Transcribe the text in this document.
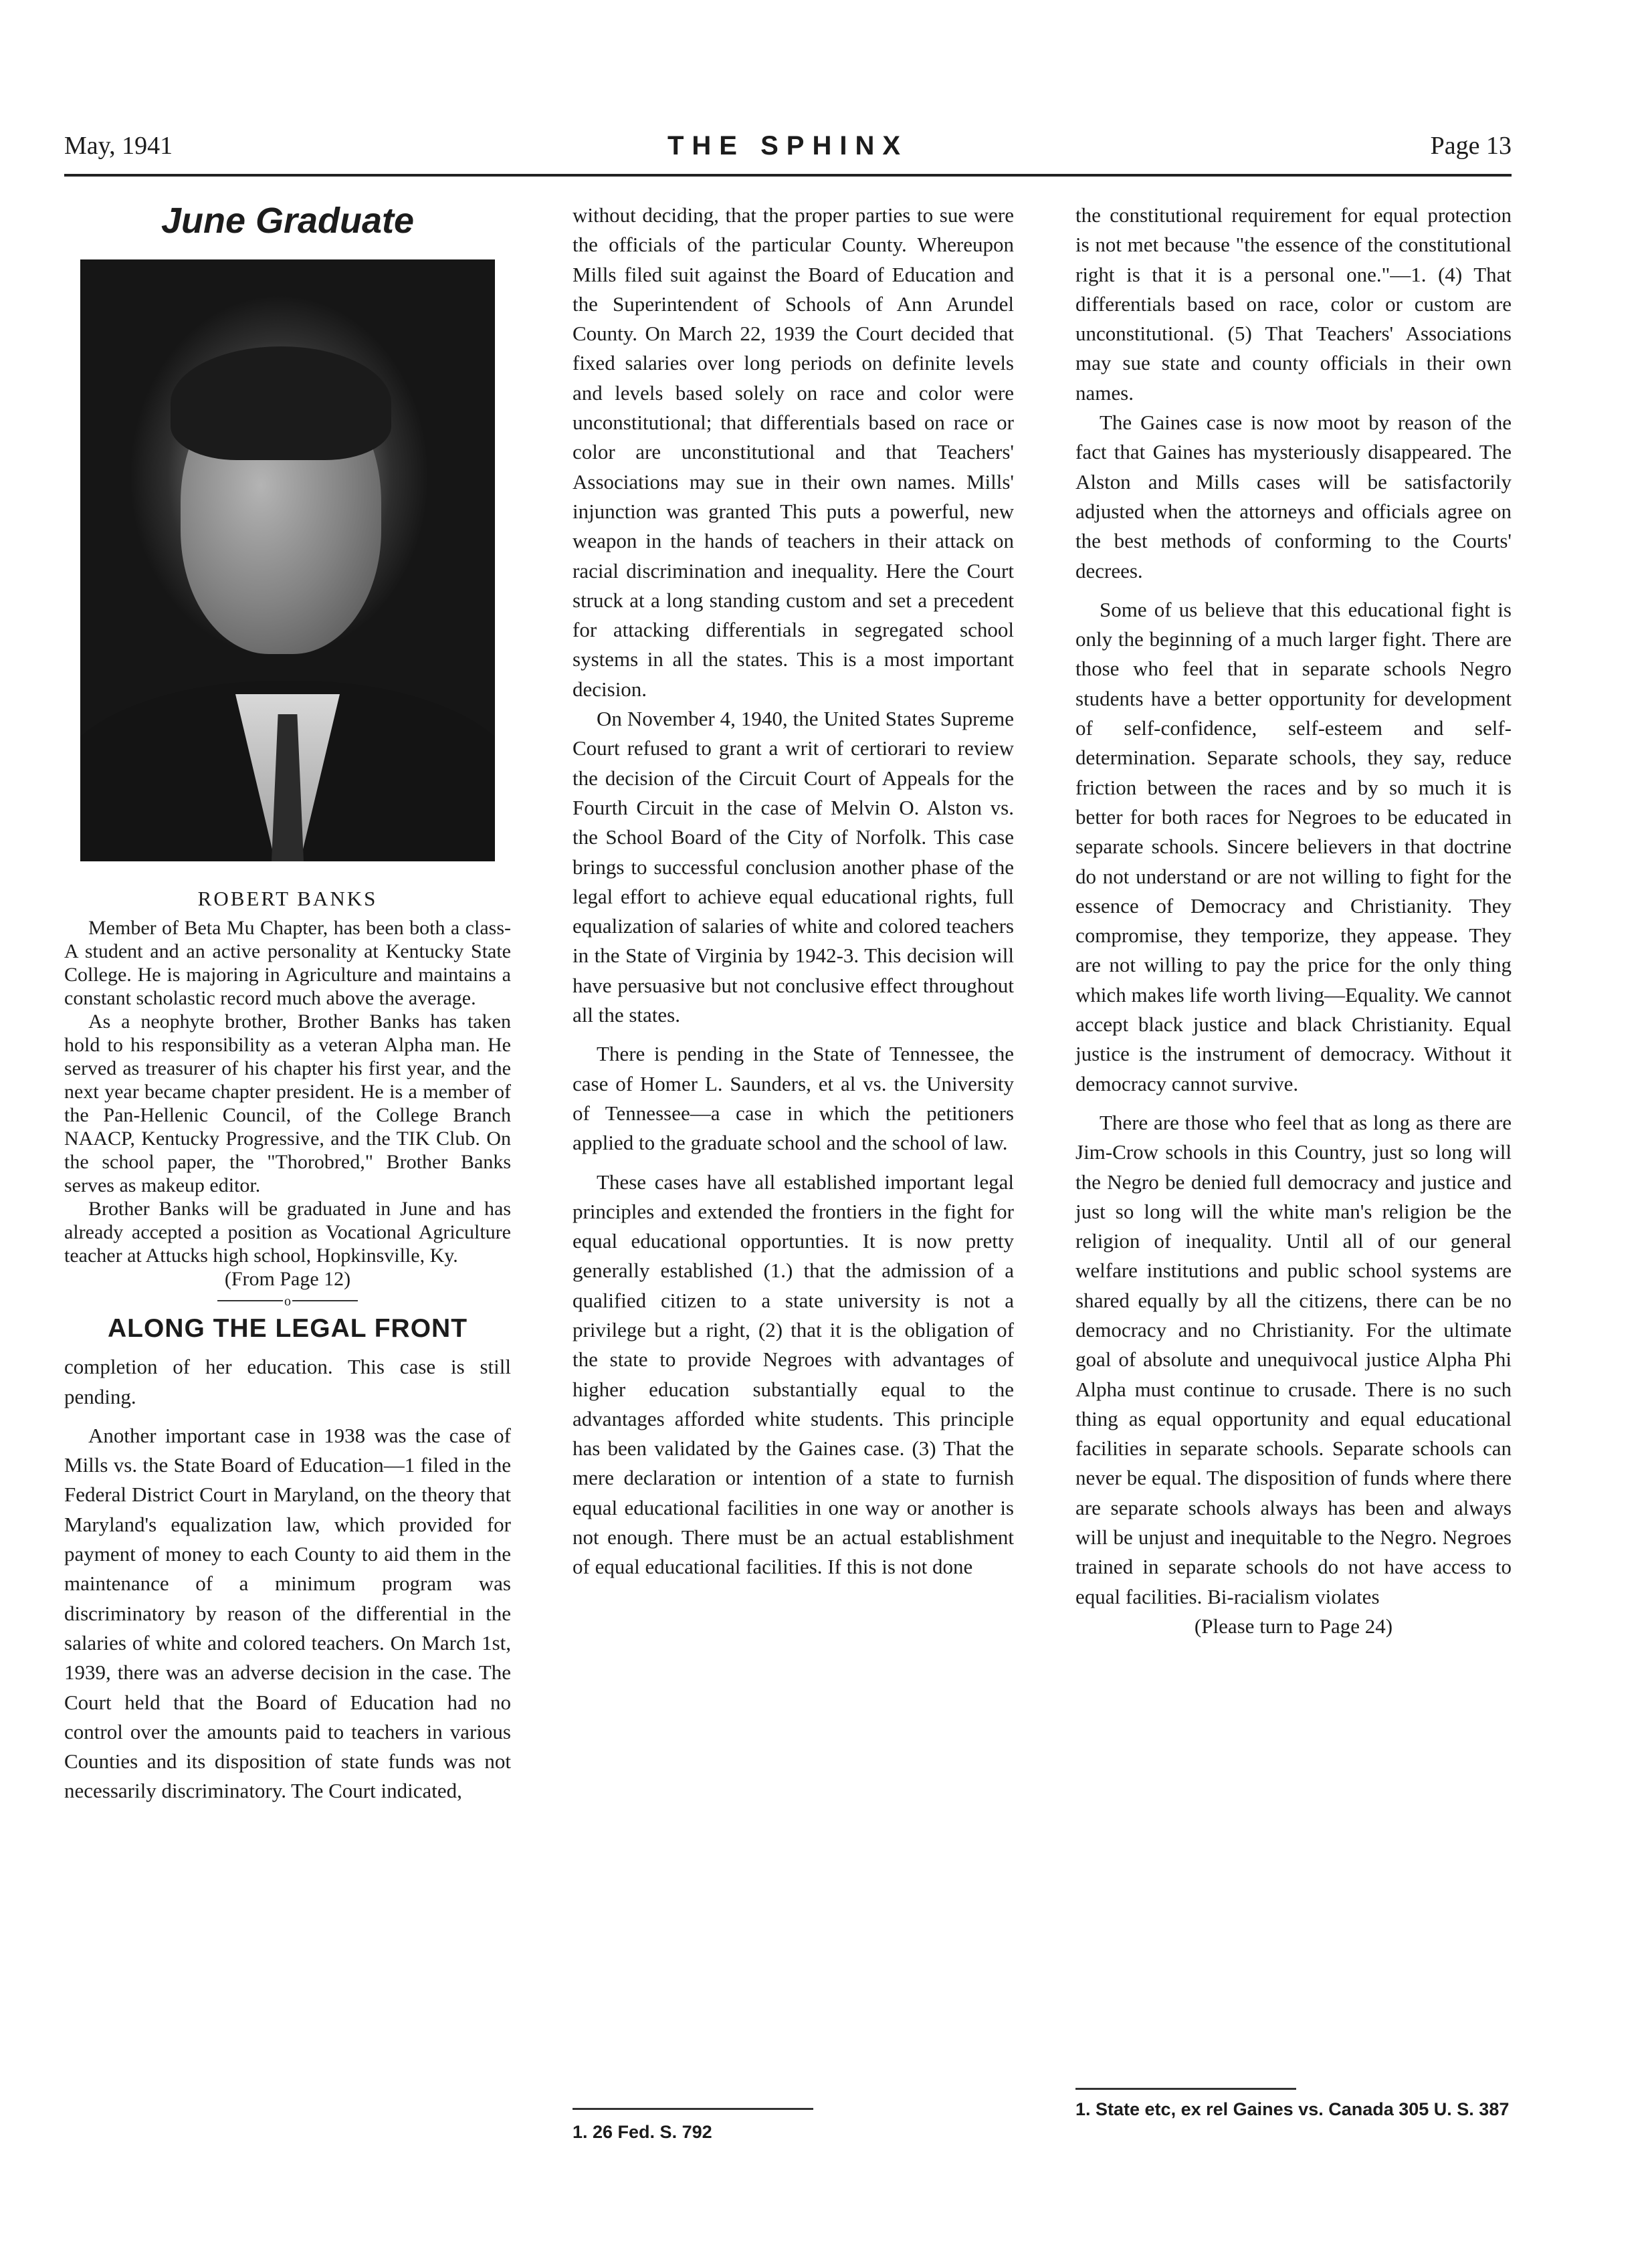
May, 1941	THE SPHINX	Page 13
June Graduate
ROBERT BANKS

Member of Beta Mu Chapter, has been both a class-A student and an active personality at Kentucky State College. He is majoring in Agriculture and maintains a constant scholastic record much above the average.

As a neophyte brother, Brother Banks has taken hold to his responsibility as a veteran Alpha man. He served as treasurer of his chapter his first year, and the next year became chapter president. He is a member of the Pan-Hellenic Council, of the College Branch NAACP, Kentucky Progressive, and the TIK Club. On the school paper, the "Thorobred," Brother Banks serves as makeup editor.

Brother Banks will be graduated in June and has already accepted a position as Vocational Agriculture teacher at Attucks high school, Hopkinsville, Ky.

(From Page 12)

o
ALONG THE LEGAL FRONT

completion of her education. This case is still pending.

Another important case in 1938 was the case of Mills vs. the State Board of Education—1 filed in the Federal District Court in Maryland, on the theory that Maryland's equalization law, which provided for payment of money to each County to aid them in the maintenance of a minimum program was discriminatory by reason of the differential in the salaries of white and colored teachers. On March 1st, 1939, there was an adverse decision in the case. The Court held that the Board of Education had no control over the amounts paid to teachers in various Counties and its disposition of state funds was not necessarily discriminatory. The Court indicated,

without deciding, that the proper parties to sue were the officials of the particular County. Whereupon Mills filed suit against the Board of Education and the Superintendent of Schools of Ann Arundel County. On March 22, 1939 the Court decided that fixed salaries over long periods on definite levels and levels based solely on race and color were unconstitutional; that differentials based on race or color are unconstitutional and that Teachers' Associations may sue in their own names. Mills' injunction was granted This puts a powerful, new weapon in the hands of teachers in their attack on racial discrimination and inequality. Here the Court struck at a long standing custom and set a precedent for attacking differentials in segregated school systems in all the states. This is a most important decision.

On November 4, 1940, the United States Supreme Court refused to grant a writ of certiorari to review the decision of the Circuit Court of Appeals for the Fourth Circuit in the case of Melvin O. Alston vs. the School Board of the City of Norfolk. This case brings to successful conclusion another phase of the legal effort to achieve equal educational rights, full equalization of salaries of white and colored teachers in the State of Virginia by 1942-3. This decision will have persuasive but not conclusive effect throughout all the states.

There is pending in the State of Tennessee, the case of Homer L. Saunders, et al vs. the University of Tennessee—a case in which the petitioners applied to the graduate school and the school of law.

These cases have all established important legal principles and extended the frontiers in the fight for equal educational opportunties. It is now pretty generally established (1.) that the admission of a qualified citizen to a state university is not a privilege but a right, (2) that it is the obligation of the state to provide Negroes with advantages of higher education substantially equal to the advantages afforded white students. This principle has been validated by the Gaines case. (3) That the mere declaration or intention of a state to furnish equal educational facilities in one way or another is not enough. There must be an actual establishment of equal educational facilities. If this is not done

the constitutional requirement for equal protection is not met because "the essence of the constitutional right is that it is a personal one."—1. (4) That differentials based on race, color or custom are unconstitutional. (5) That Teachers' Associations may sue state and county officials in their own names.

The Gaines case is now moot by reason of the fact that Gaines has mysteriously disappeared. The Alston and Mills cases will be satisfactorily adjusted when the attorneys and officials agree on the best methods of conforming to the Courts' decrees.

Some of us believe that this educational fight is only the beginning of a much larger fight. There are those who feel that in separate schools Negro students have a better opportunity for development of self-confidence, self-esteem and self-determination. Separate schools, they say, reduce friction between the races and by so much it is better for both races for Negroes to be educated in separate schools. Sincere believers in that doctrine do not understand or are not willing to fight for the essence of Democracy and Christianity. They compromise, they temporize, they appease. They are not willing to pay the price for the only thing which makes life worth living—Equality. We cannot accept black justice and black Christianity. Equal justice is the instrument of democracy. Without it democracy cannot survive.

There are those who feel that as long as there are Jim-Crow schools in this Country, just so long will the Negro be denied full democracy and justice and just so long will the white man's religion be the religion of inequality. Until all of our general welfare institutions and public school systems are shared equally by all the citizens, there can be no democracy and no Christianity. For the ultimate goal of absolute and unequivocal justice Alpha Phi Alpha must continue to crusade. There is no such thing as equal opportunity and equal educational facilities in separate schools. Separate schools can never be equal. The disposition of funds where there are separate schools always has been and always will be unjust and inequitable to the Negro. Negroes trained in separate schools do not have access to equal facilities. Bi-racialism violates

(Please turn to Page 24)

1. 26 Fed. S. 792
1. State etc, ex rel Gaines vs. Canada 305 U. S. 387
